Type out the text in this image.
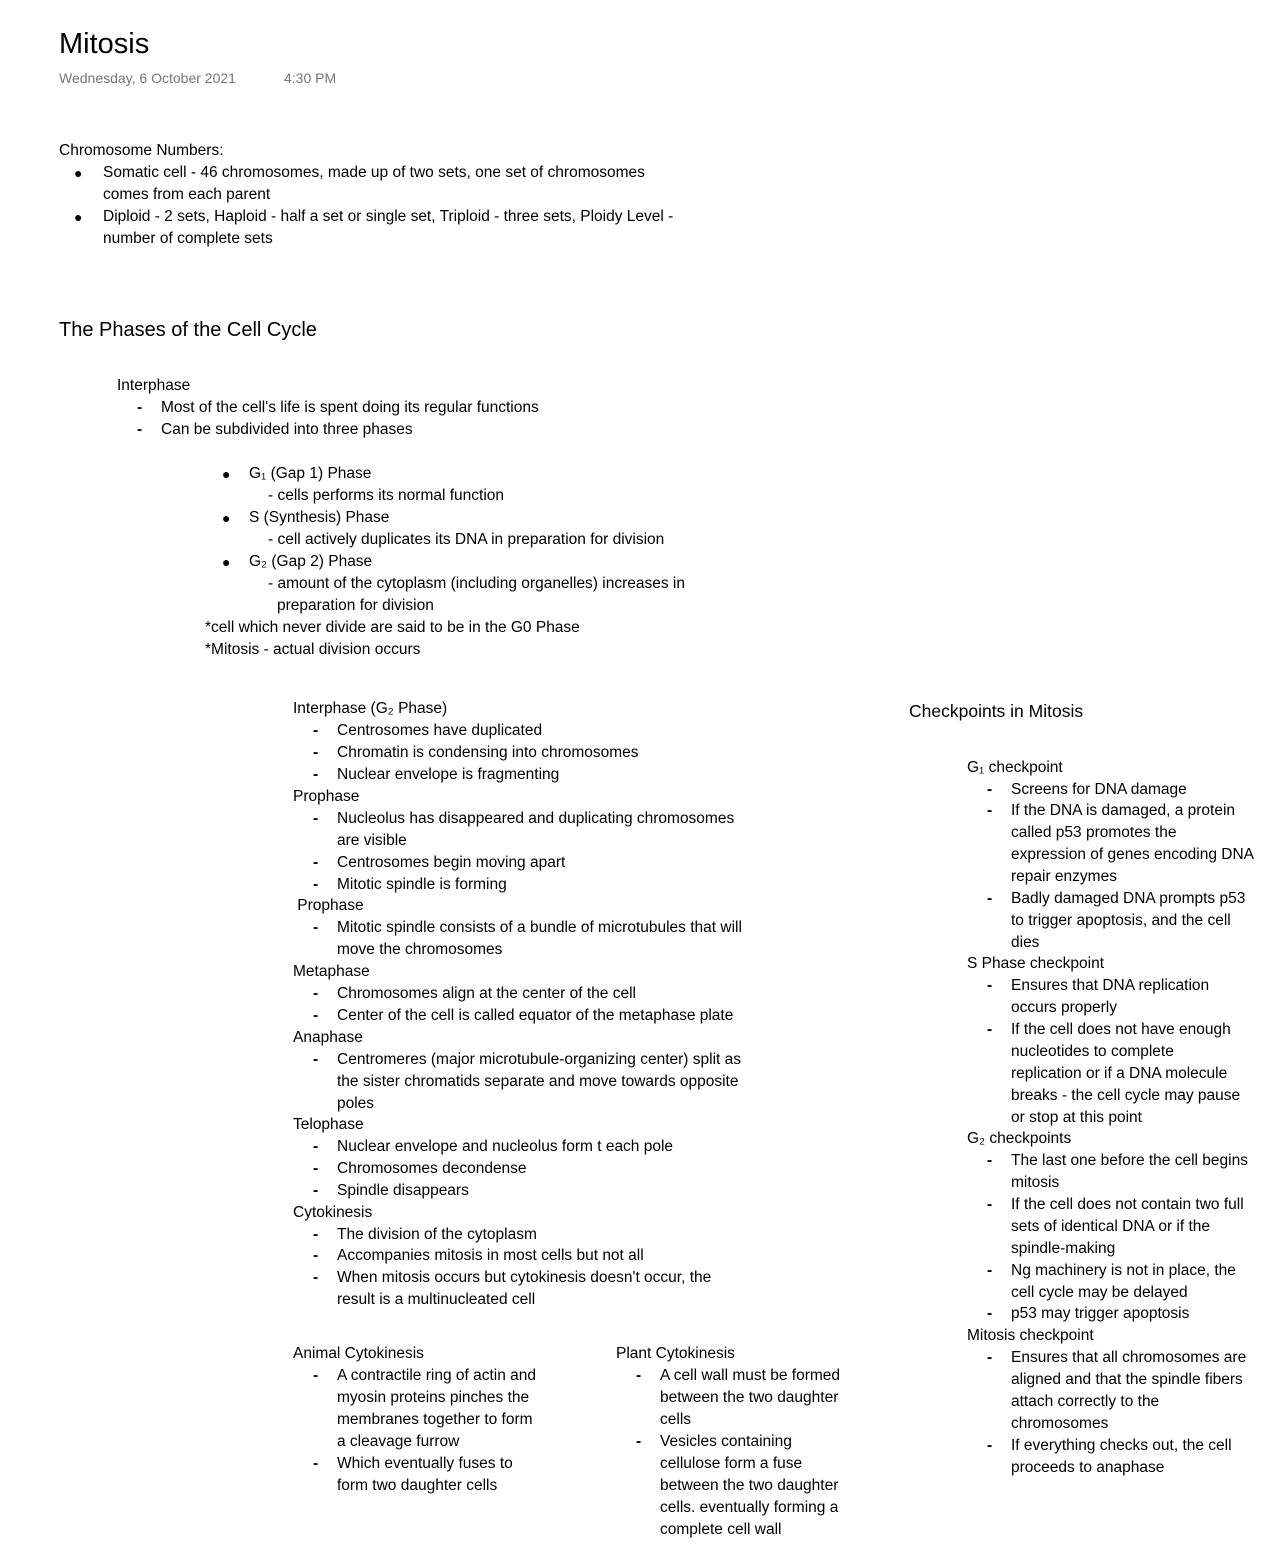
Mitosis
Wednesday, 6 October 2021	4:30 PM
Chromosome Numbers:
● Somatic cell - 46 chromosomes, made up of two sets, one set of chromosomes
comes from each parent
● Diploid - 2 sets, Haploid - half a set or single set, Triploid - three sets, Ploidy Level -
number of complete sets
The Phases of the Cell Cycle
Interphase
- Most of the cell's life is spent doing its regular functions
- Can be subdivided into three phases
● G₁ (Gap 1) Phase
- cells performs its normal function
● S (Synthesis) Phase
- cell actively duplicates its DNA in preparation for division
● G₂ (Gap 2) Phase
- amount of the cytoplasm (including organelles) increases in
preparation for division
*cell which never divide are said to be in the G0 Phase
*Mitosis - actual division occurs
Interphase (G₂ Phase)
- Centrosomes have duplicated
- Chromatin is condensing into chromosomes
- Nuclear envelope is fragmenting
Prophase
- Nucleolus has disappeared and duplicating chromosomes
are visible
- Centrosomes begin moving apart
- Mitotic spindle is forming
Prophase
- Mitotic spindle consists of a bundle of microtubules that will
move the chromosomes
Metaphase
- Chromosomes align at the center of the cell
- Center of the cell is called equator of the metaphase plate
Anaphase
- Centromeres (major microtubule-organizing center) split as
the sister chromatids separate and move towards opposite
poles
Telophase
- Nuclear envelope and nucleolus form t each pole
- Chromosomes decondense
- Spindle disappears
Cytokinesis
- The division of the cytoplasm
- Accompanies mitosis in most cells but not all
- When mitosis occurs but cytokinesis doesn't occur, the
result is a multinucleated cell
Animal Cytokinesis
- A contractile ring of actin and
myosin proteins pinches the
membranes together to form
a cleavage furrow
- Which eventually fuses to
form two daughter cells
Plant Cytokinesis
- A cell wall must be formed
between the two daughter
cells
- Vesicles containing
cellulose form a fuse
between the two daughter
cells. eventually forming a
complete cell wall
Checkpoints in Mitosis
G₁ checkpoint
- Screens for DNA damage
- If the DNA is damaged, a protein
called p53 promotes the
expression of genes encoding DNA
repair enzymes
- Badly damaged DNA prompts p53
to trigger apoptosis, and the cell
dies
S Phase checkpoint
- Ensures that DNA replication
occurs properly
- If the cell does not have enough
nucleotides to complete
replication or if a DNA molecule
breaks - the cell cycle may pause
or stop at this point
G₂ checkpoints
- The last one before the cell begins
mitosis
- If the cell does not contain two full
sets of identical DNA or if the
spindle-making
- Ng machinery is not in place, the
cell cycle may be delayed
- p53 may trigger apoptosis
Mitosis checkpoint
- Ensures that all chromosomes are
aligned and that the spindle fibers
attach correctly to the
chromosomes
- If everything checks out, the cell
proceeds to anaphase
